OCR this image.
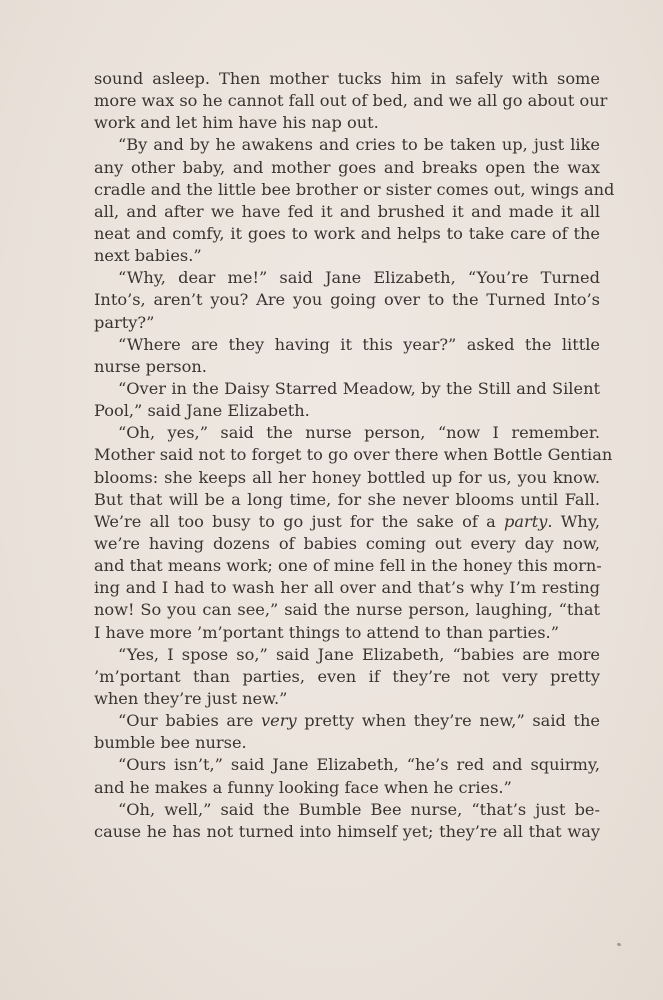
sound asleep. Then mother tucks him in safely with some
more wax so he cannot fall out of bed, and we all go about our
work and let him have his nap out.
“By and by he awakens and cries to be taken up, just like
any other baby, and mother goes and breaks open the wax
cradle and the little bee brother or sister comes out, wings and
all, and after we have fed it and brushed it and made it all
neat and comfy, it goes to work and helps to take care of the
next babies.”
“Why, dear me!” said Jane Elizabeth, “You’re Turned
Into’s, aren’t you? Are you going over to the Turned Into’s
party?”
“Where are they having it this year?” asked the little
nurse person.
“Over in the Daisy Starred Meadow, by the Still and Silent
Pool,” said Jane Elizabeth.
“Oh, yes,” said the nurse person, “now I remember.
Mother said not to forget to go over there when Bottle Gentian
blooms: she keeps all her honey bottled up for us, you know.
But that will be a long time, for she never blooms until Fall.
We’re all too busy to go just for the sake of a party. Why,
we’re having dozens of babies coming out every day now,
and that means work; one of mine fell in the honey this morn-
ing and I had to wash her all over and that’s why I’m resting
now! So you can see,” said the nurse person, laughing, “that
I have more ’m’portant things to attend to than parties.”
“Yes, I spose so,” said Jane Elizabeth, “babies are more
’m’portant than parties, even if they’re not very pretty
when they’re just new.”
“Our babies are very pretty when they’re new,” said the
bumble bee nurse.
“Ours isn’t,” said Jane Elizabeth, “he’s red and squirmy,
and he makes a funny looking face when he cries.”
“Oh, well,” said the Bumble Bee nurse, “that’s just be-
cause he has not turned into himself yet; they’re all that way
